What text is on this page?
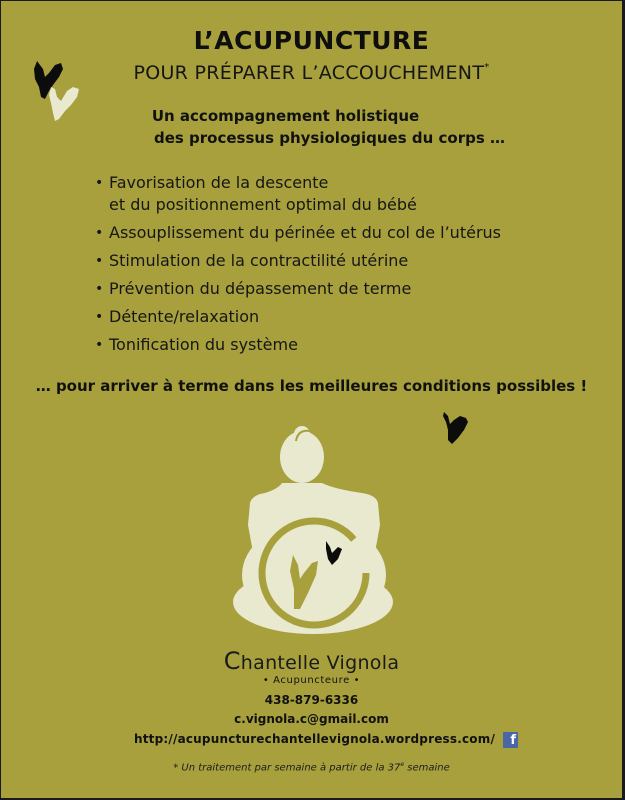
L’ACUPUNCTURE
POUR PRÉPARER L’ACCOUCHEMENT*
Un accompagnement holistique
des processus physiologiques du corps …
• Favorisation de la descente
et du positionnement optimal du bébé
• Assouplissement du périnée et du col de l’utérus
• Stimulation de la contractilité utérine
• Prévention du dépassement de terme
• Détente/relaxation
• Tonification du système
… pour arriver à terme dans les meilleures conditions possibles !
Chantelle Vignola
• Acupuncteure •
438-879-6336
c.vignola.c@gmail.com
http://acupuncturechantellevignola.wordpress.com/	f
* Un traitement par semaine à partir de la 37e semaine
